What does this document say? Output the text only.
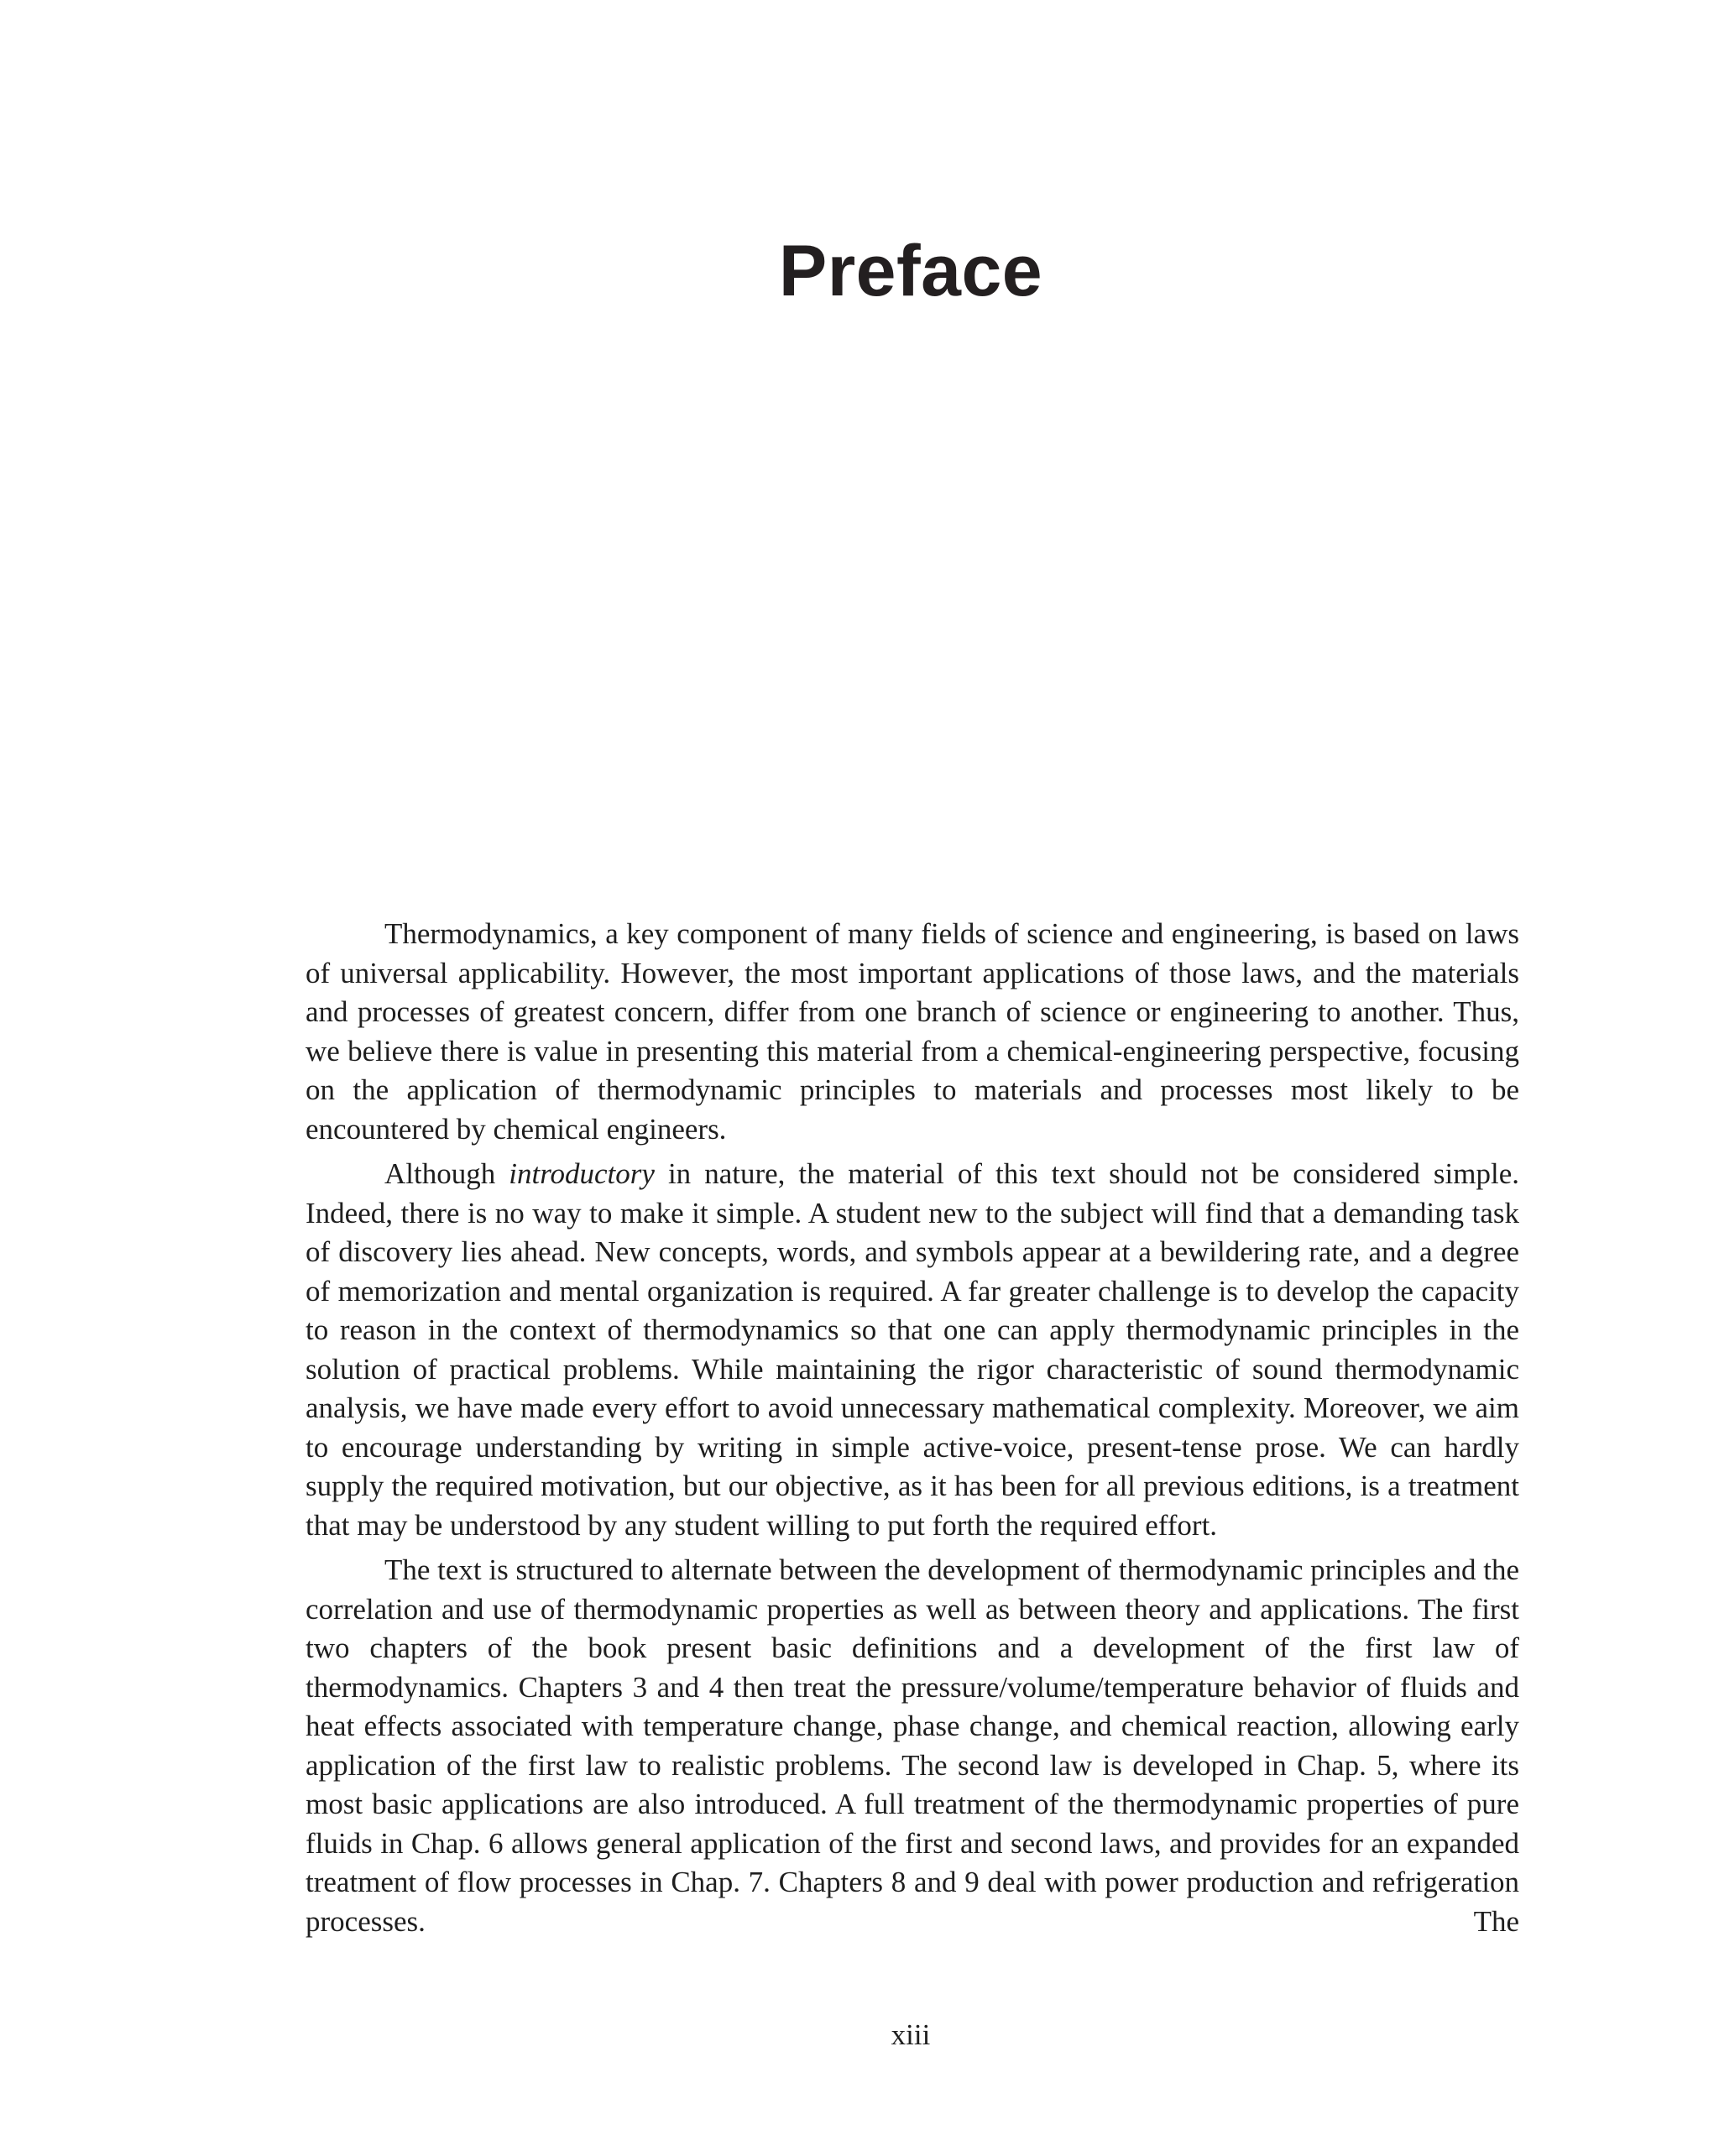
Preface

Thermodynamics, a key component of many fields of science and engineering, is based on laws of universal applicability. However, the most important applications of those laws, and the materials and processes of greatest concern, differ from one branch of science or engineering to another. Thus, we believe there is value in presenting this material from a chemical-engineering perspective, focusing on the application of thermodynamic principles to materials and processes most likely to be encountered by chemical engineers.

Although introductory in nature, the material of this text should not be considered simple. Indeed, there is no way to make it simple. A student new to the subject will find that a demanding task of discovery lies ahead. New concepts, words, and symbols appear at a bewildering rate, and a degree of memorization and mental organization is required. A far greater challenge is to develop the capacity to reason in the context of thermodynamics so that one can apply thermodynamic principles in the solution of practical problems. While maintaining the rigor characteristic of sound thermodynamic analysis, we have made every effort to avoid unnecessary mathematical complexity. Moreover, we aim to encourage understanding by writing in simple active-voice, present-tense prose. We can hardly supply the required motivation, but our objective, as it has been for all previous editions, is a treatment that may be understood by any student willing to put forth the required effort.

The text is structured to alternate between the development of thermodynamic principles and the correlation and use of thermodynamic properties as well as between theory and applications. The first two chapters of the book present basic definitions and a development of the first law of thermodynamics. Chapters 3 and 4 then treat the pressure/volume/temperature behavior of fluids and heat effects associated with temperature change, phase change, and chemical reaction, allowing early application of the first law to realistic problems. The second law is developed in Chap. 5, where its most basic applications are also introduced. A full treatment of the thermodynamic properties of pure fluids in Chap. 6 allows general application of the first and second laws, and provides for an expanded treatment of flow processes in Chap. 7. Chapters 8 and 9 deal with power production and refrigeration processes. The

xiii
